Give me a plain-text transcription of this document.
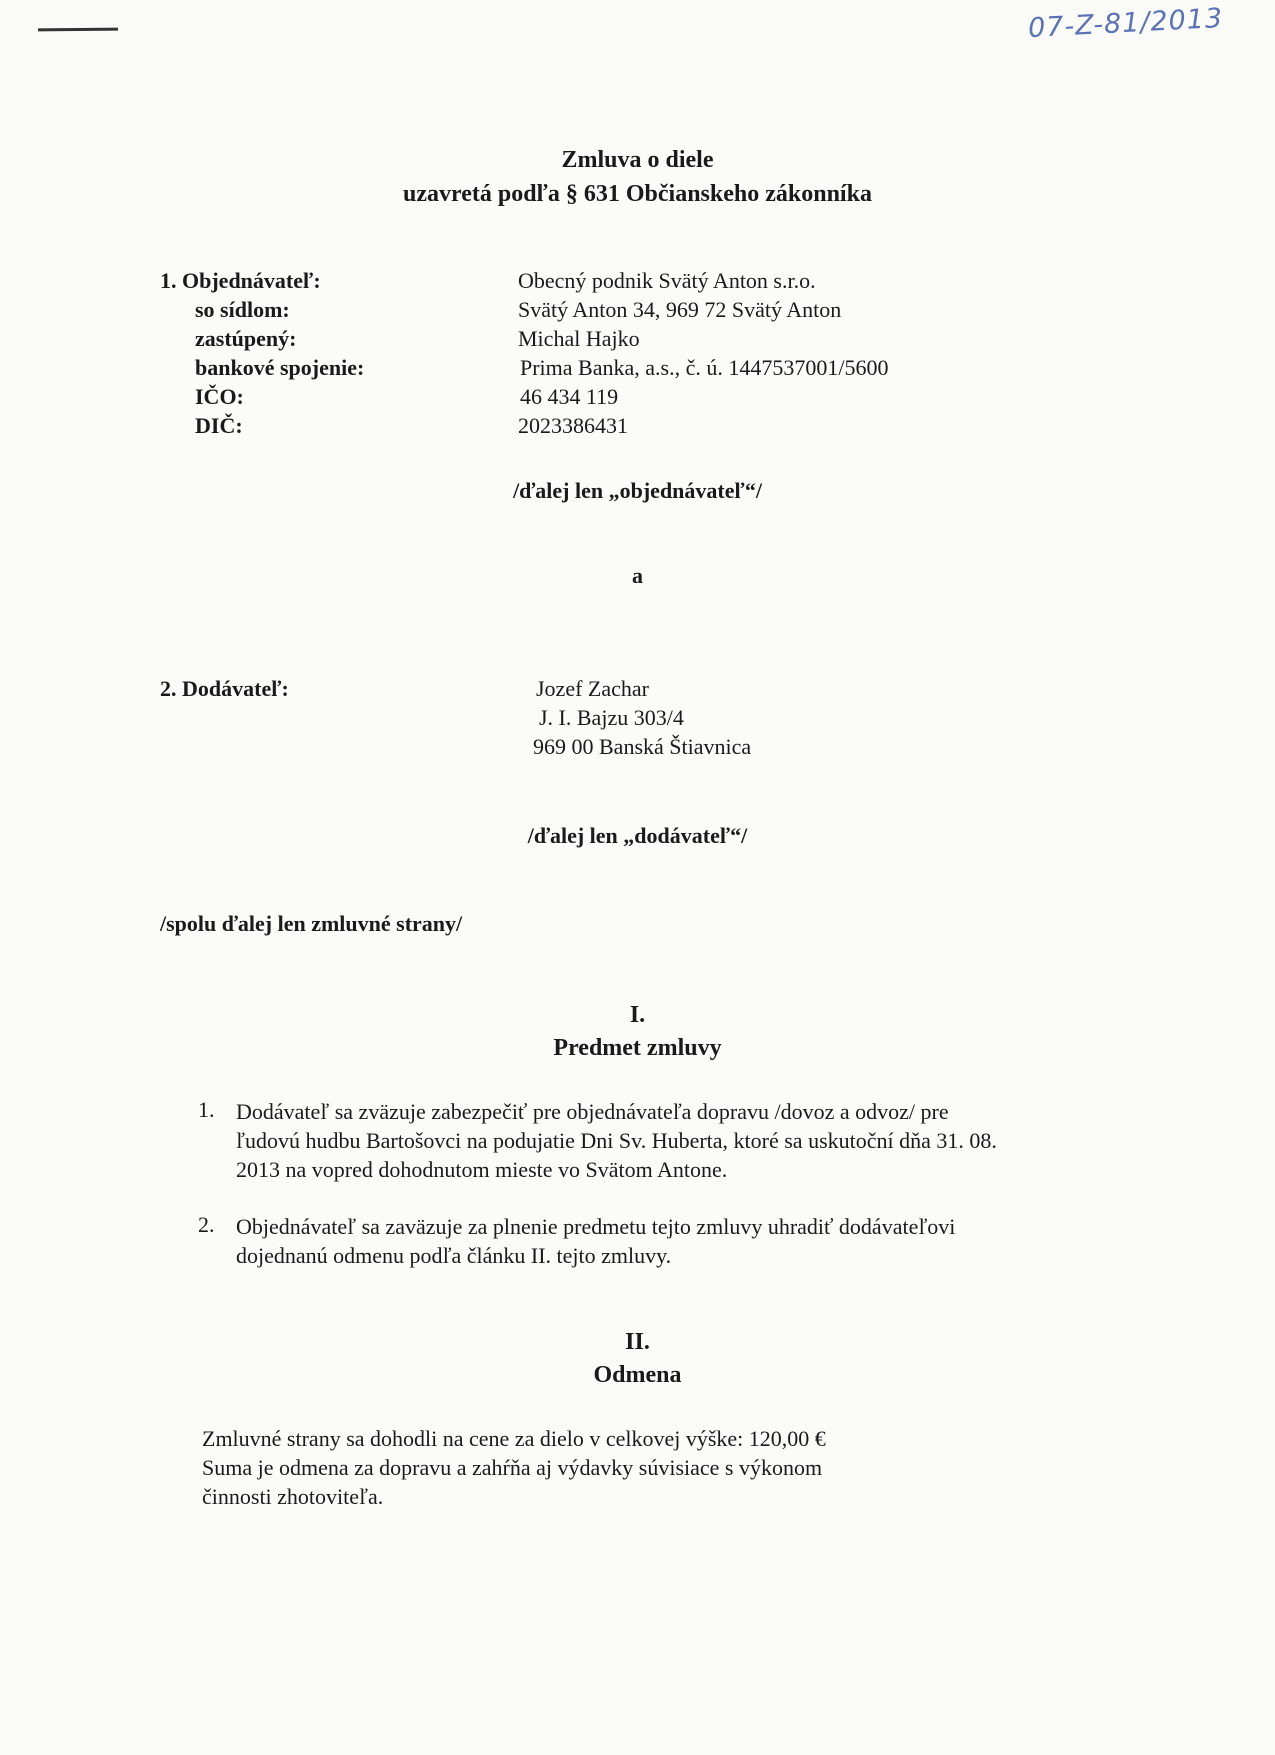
07-Z-81/2013
Zmluva o diele
uzavretá podľa § 631 Občianskeho zákonníka
1. Objednávateľ:	Obecný podnik Svätý Anton s.r.o.
so sídlom:	Svätý Anton 34, 969 72 Svätý Anton
zastúpený:	Michal Hajko
bankové spojenie:	Prima Banka, a.s., č. ú. 1447537001/5600
IČO:	46 434 119
DIČ:	2023386431
/ďalej len „objednávateľ“/
a
2. Dodávateľ:	Jozef Zachar
J. I. Bajzu 303/4
969 00 Banská Štiavnica
/ďalej len „dodávateľ“/
/spolu ďalej len zmluvné strany/
I.
Predmet zmluvy
1. Dodávateľ sa zväzuje zabezpečiť pre objednávateľa dopravu /dovoz a odvoz/ pre
ľudovú hudbu Bartošovci na podujatie Dni Sv. Huberta, ktoré sa uskutoční dňa 31. 08.
2013 na vopred dohodnutom mieste vo Svätom Antone.
2. Objednávateľ sa zaväzuje za plnenie predmetu tejto zmluvy uhradiť dodávateľovi
dojednanú odmenu podľa článku II. tejto zmluvy.
II.
Odmena
Zmluvné strany sa dohodli na cene za dielo v celkovej výške: 120,00 €
Suma je odmena za dopravu a zahŕňa aj výdavky súvisiace s výkonom
činnosti zhotoviteľa.
